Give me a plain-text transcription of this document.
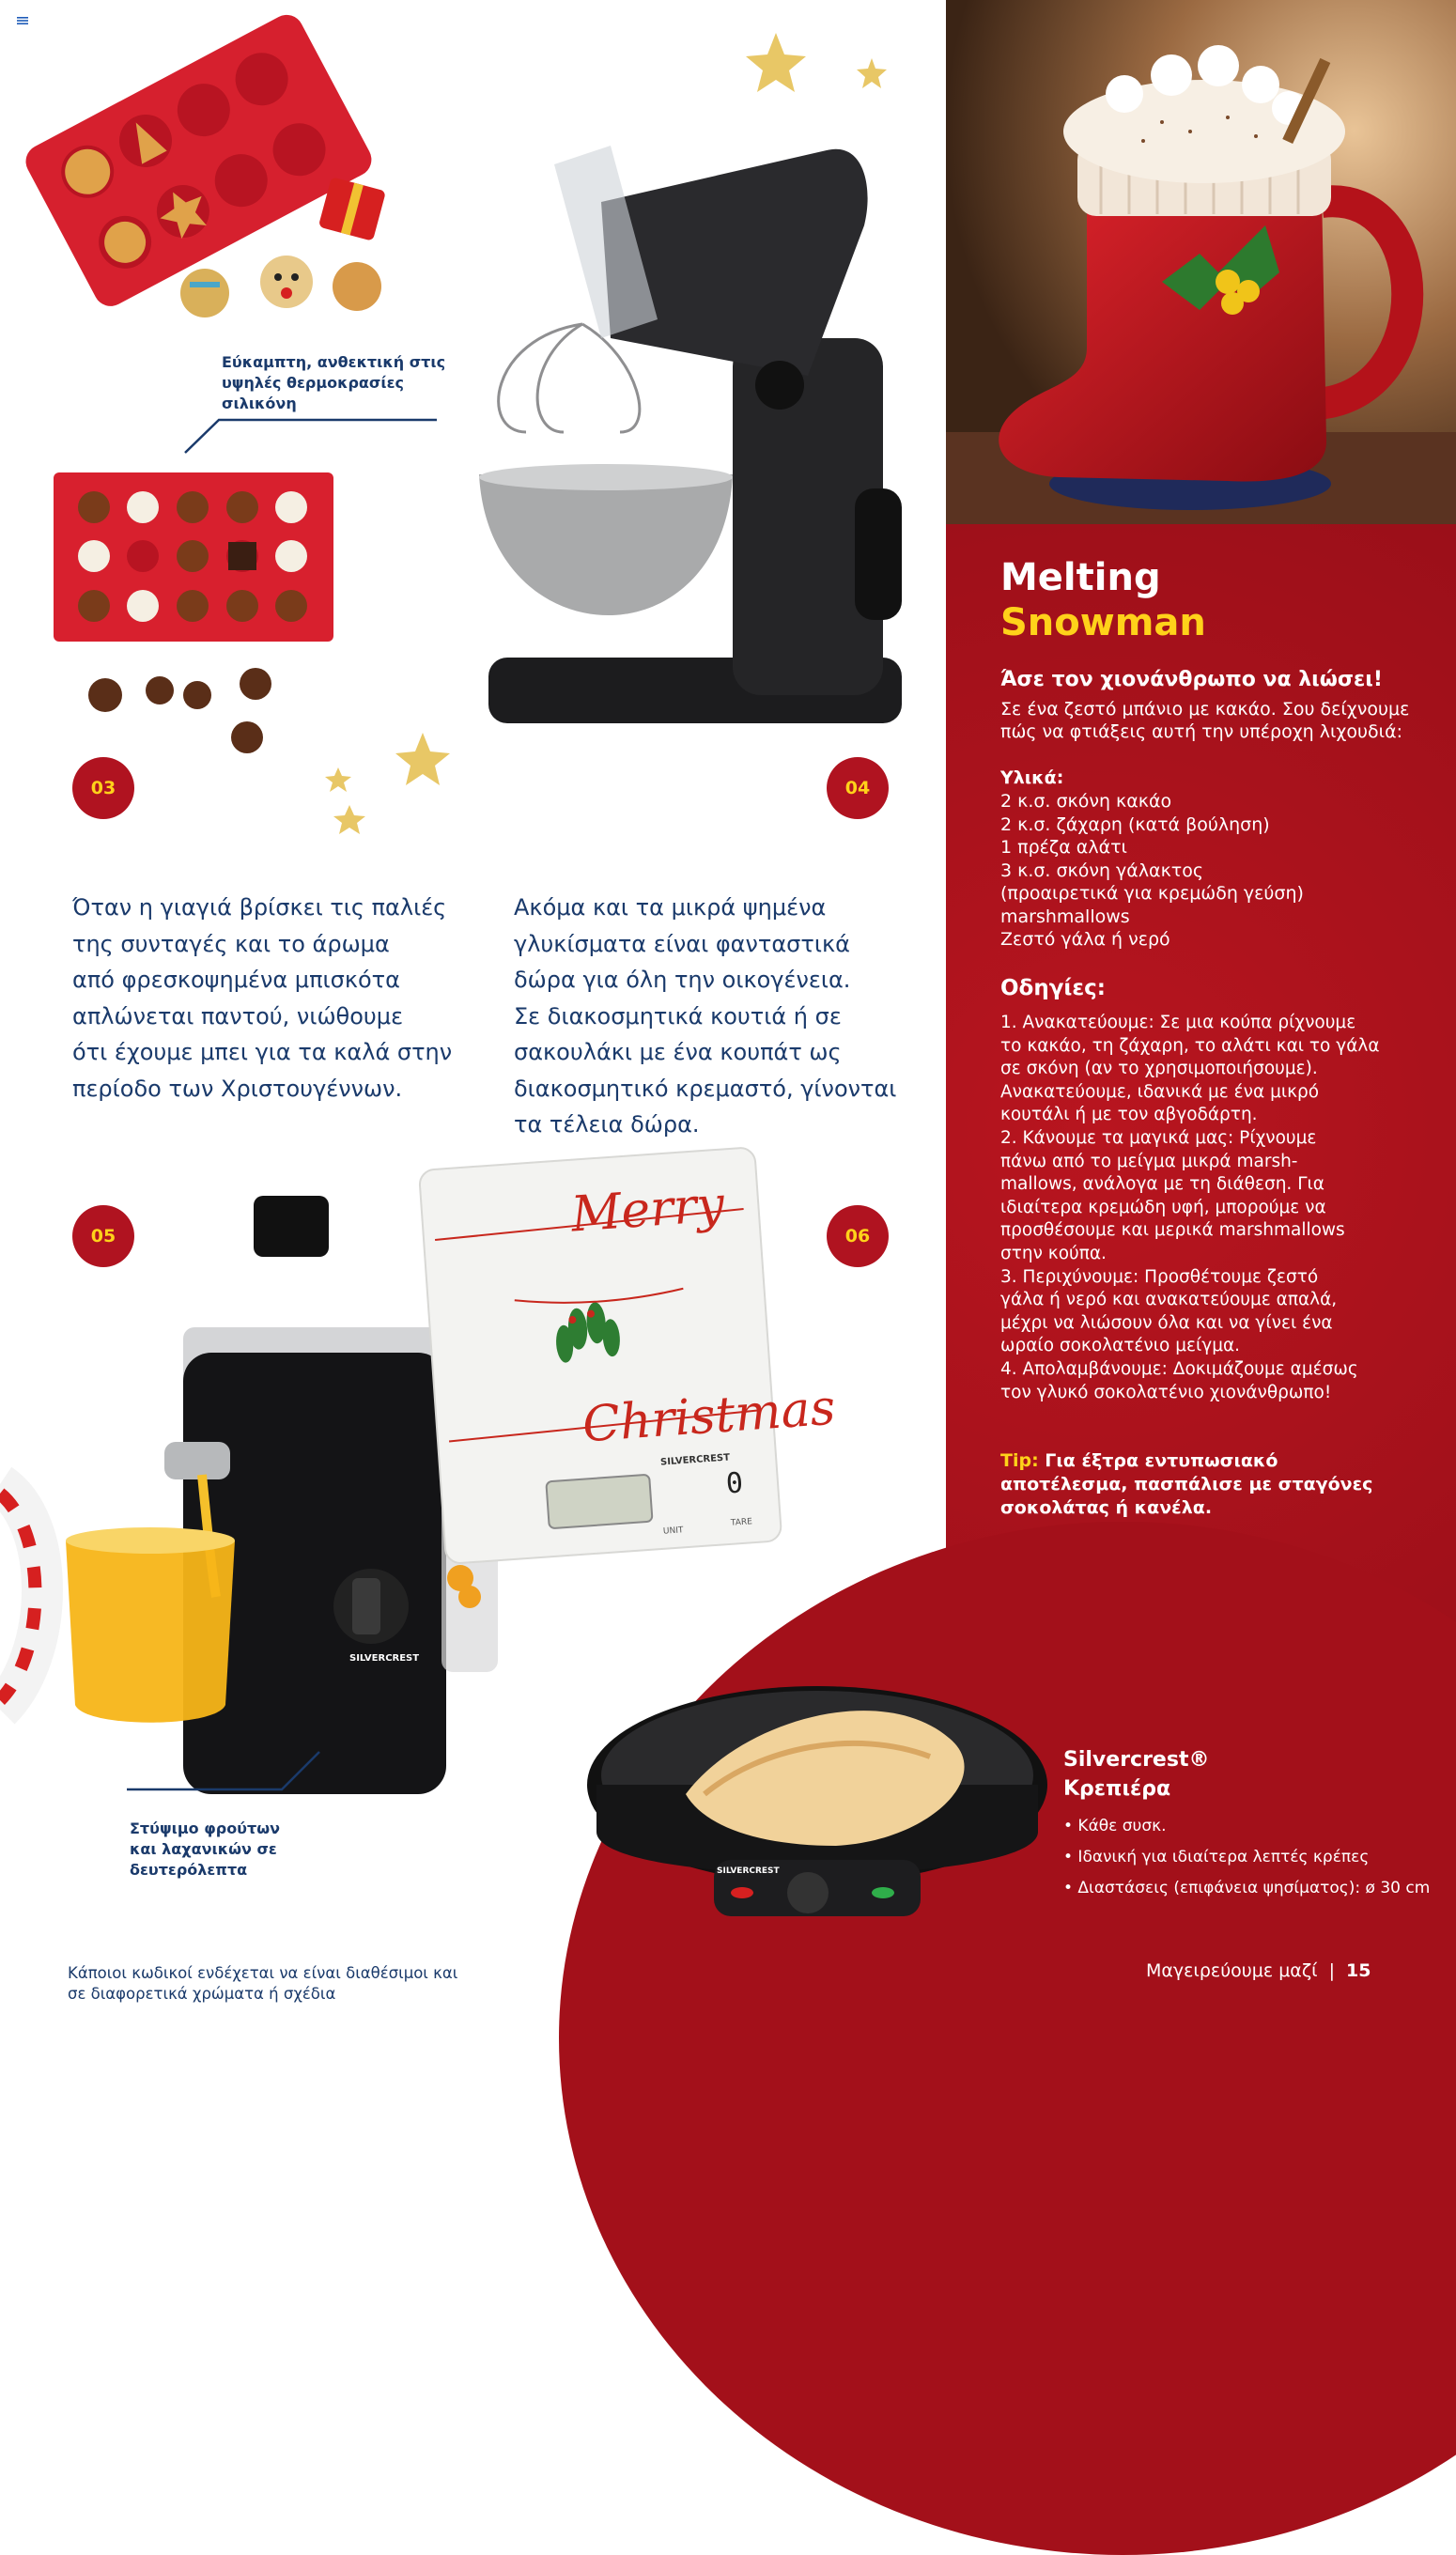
Melting
Snowman
Άσε τον χιονάνθρωπο να λιώσει!
Σε ένα ζεστό μπάνιο με κακάο. Σου δείχνουμε
πώς να φτιάξεις αυτή την υπέροχη λιχουδιά:
Υλικά:
2 κ.σ. σκόνη κακάο
2 κ.σ. ζάχαρη (κατά βούληση)
1 πρέζα αλάτι
3 κ.σ. σκόνη γάλακτος
(προαιρετικά για κρεμώδη γεύση)
marshmallows
Ζεστό γάλα ή νερό
Οδηγίες:
1. Ανακατεύουμε: Σε μια κούπα ρίχνουμε
το κακάο, τη ζάχαρη, το αλάτι και το γάλα
σε σκόνη (αν το χρησιμοποιήσουμε).
Ανακατεύουμε, ιδανικά με ένα μικρό
κουτάλι ή με τον αβγοδάρτη.
2. Κάνουμε τα μαγικά μας: Ρίχνουμε
πάνω από το μείγμα μικρά marsh-
mallows, ανάλογα με τη διάθεση. Για
ιδιαίτερα κρεμώδη υφή, μπορούμε να
προσθέσουμε και μερικά marshmallows
στην κούπα.
3. Περιχύνουμε: Προσθέτουμε ζεστό
γάλα ή νερό και ανακατεύουμε απαλά,
μέχρι να λιώσουν όλα και να γίνει ένα
ωραίο σοκολατένιο μείγμα.
4. Απολαμβάνουμε: Δοκιμάζουμε αμέσως
τον γλυκό σοκολατένιο χιονάνθρωπο!
Tip: Για έξτρα εντυπωσιακό
αποτέλεσμα, πασπάλισε με σταγόνες
σοκολάτας ή κανέλα.
03	04
05	06
Εύκαμπτη, ανθεκτική στις
υψηλές θερμοκρασίες
σιλικόνη
Όταν η γιαγιά βρίσκει τις παλιές
της συνταγές και το άρωμα
από φρεσκοψημένα μπισκότα
απλώνεται παντού, νιώθουμε
ότι έχουμε μπει για τα καλά στην
περίοδο των Χριστουγέννων.
Ακόμα και τα μικρά ψημένα
γλυκίσματα είναι φανταστικά
δώρα για όλη την οικογένεια.
Σε διακοσμητικά κουτιά ή σε
σακουλάκι με ένα κουπάτ ως
διακοσμητικό κρεμαστό, γίνονται
τα τέλεια δώρα.
Merry
Christmas
SILVERCREST
0
UNIT
TARE
SILVERCREST
Στύψιμο φρούτων
και λαχανικών σε
δευτερόλεπτα	SILVERCREST
Silvercrest®
Κρεπιέρα
• Κάθε συσκ.
• Ιδανική για ιδιαίτερα λεπτές κρέπες
• Διαστάσεις (επιφάνεια ψησίματος): ø 30 cm
Κάποιοι κωδικοί ενδέχεται να είναι διαθέσιμοι και
σε διαφορετικά χρώματα ή σχέδια
Μαγειρεύουμε μαζί | 15
